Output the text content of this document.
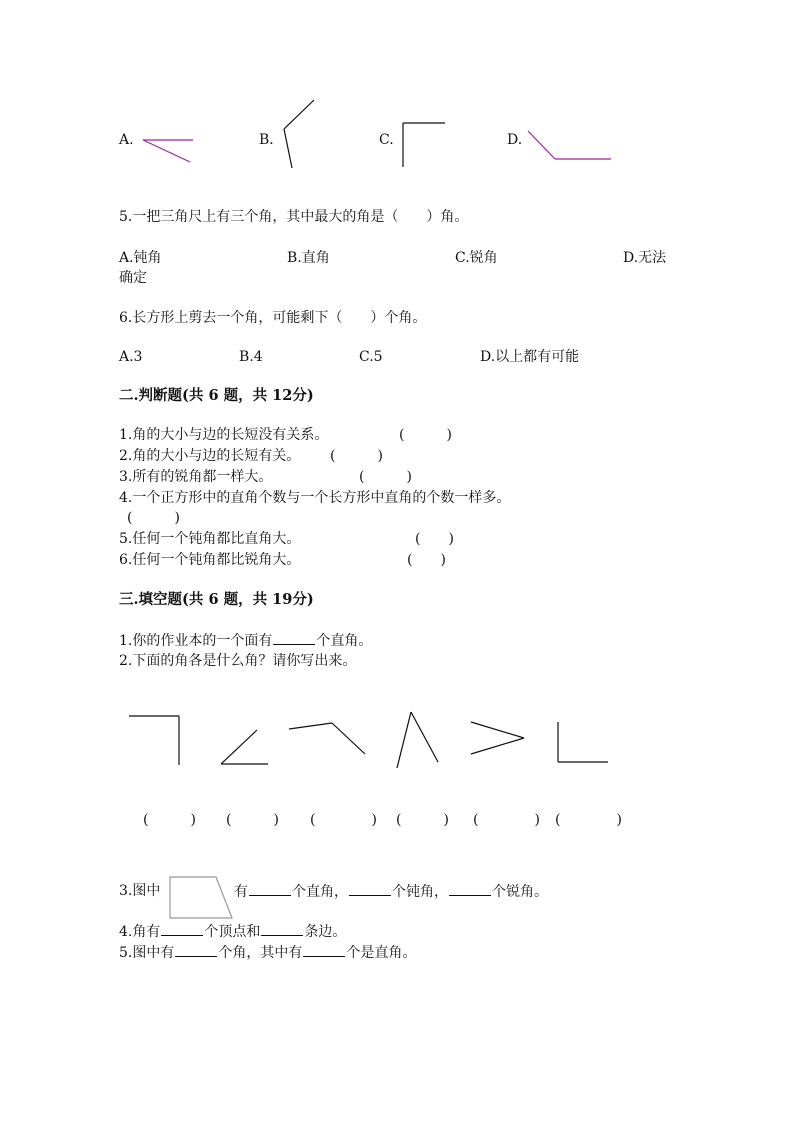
A.	B.	C.	D.
5.一把三角尺上有三个角，其中最大的角是（　　）角。
A.钝角	B.直角	C.锐角	D.无法
确定
6.长方形上剪去一个角，可能剩下（　　）个角。
A.3	B.4	C.5	D.以上都有可能
二.判断题(共 6 题，共 12分)
1.角的大小与边的长短没有关系。	(　　　)
2.角的大小与边的长短有关。 (　　　)
3.所有的锐角都一样大。	(　　　)
4.一个正方形中的直角个数与一个长方形中直角的个数一样多。
(　　　)
5.任何一个钝角都比直角大。	(　　)
6.任何一个钝角都比锐角大。	(　　)
三.填空题(共 6 题，共 19分)
1.你的作业本的一个面有	个直角。
2.下面的角各是什么角？请你写出来。
(　　　) (　　　) (　　　　) (　　　) (　　　　) (　　　　)
3.图中	有	个直角，	个钝角，	个锐角。
4.角有	个顶点和	条边。
5.图中有	个角，其中有	个是直角。
